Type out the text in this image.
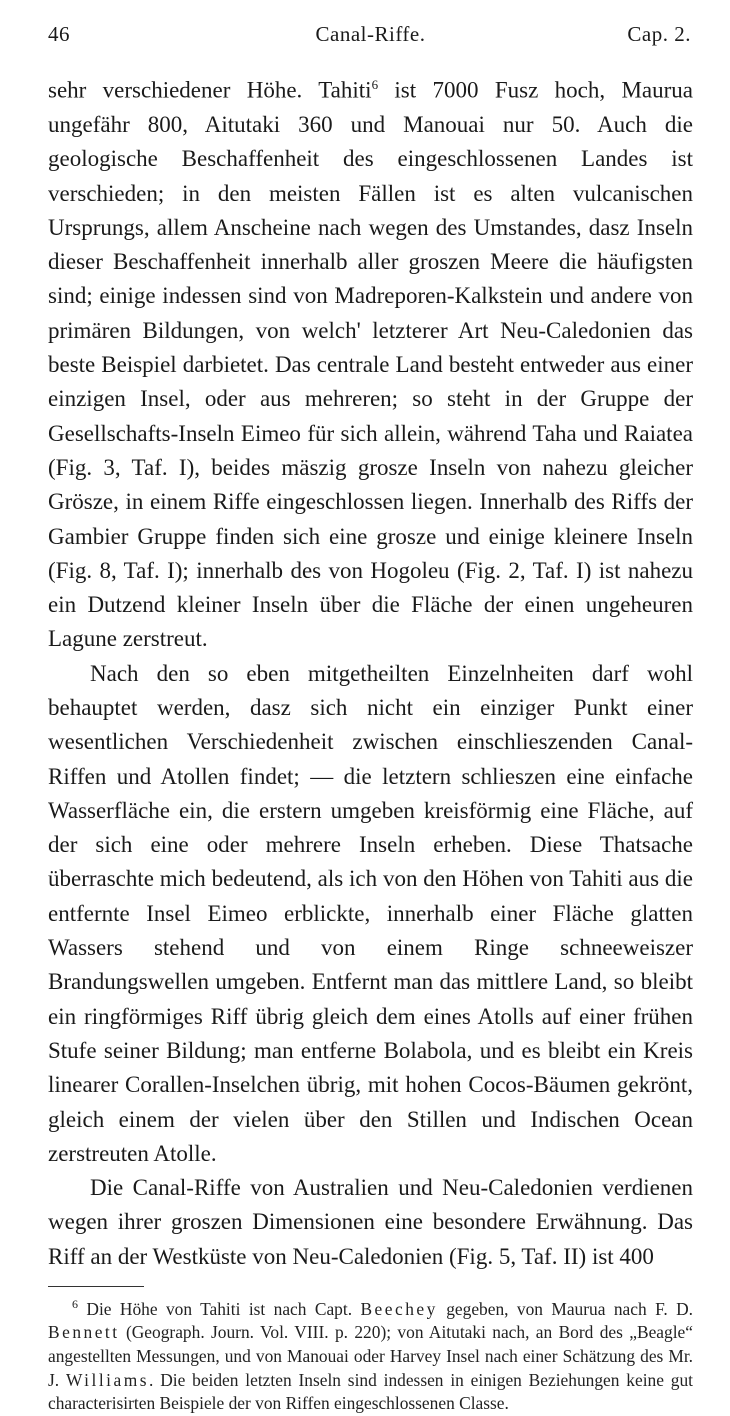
46	Canal-Riffe.	Cap. 2.

sehr verschiedener Höhe. Tahiti$^6$ ist 7000 Fusz hoch, Maurua ungefähr 800, Aitutaki 360 und Manouai nur 50. Auch die geologische Beschaffenheit des eingeschlossenen Landes ist verschieden; in den meisten Fällen ist es alten vulcanischen Ursprungs, allem Anscheine nach wegen des Umstandes, dasz Inseln dieser Beschaffenheit innerhalb aller groszen Meere die häufigsten sind; einige indessen sind von Madreporen-Kalkstein und andere von primären Bildungen, von welch' letzterer Art Neu-Caledonien das beste Beispiel darbietet. Das centrale Land besteht entweder aus einer einzigen Insel, oder aus mehreren; so steht in der Gruppe der Gesellschafts-Inseln Eimeo für sich allein, während Taha und Raiatea (Fig. 3, Taf. I), beides mäszig grosze Inseln von nahezu gleicher Grösze, in einem Riffe eingeschlossen liegen. Innerhalb des Riffs der Gambier Gruppe finden sich eine grosze und einige kleinere Inseln (Fig. 8, Taf. I); innerhalb des von Hogoleu (Fig. 2, Taf. I) ist nahezu ein Dutzend kleiner Inseln über die Fläche der einen ungeheuren Lagune zerstreut.

Nach den so eben mitgetheilten Einzelnheiten darf wohl behauptet werden, dasz sich nicht ein einziger Punkt einer wesentlichen Verschiedenheit zwischen einschlieszenden Canal-Riffen und Atollen findet; — die letztern schlieszen eine einfache Wasserfläche ein, die erstern umgeben kreisförmig eine Fläche, auf der sich eine oder mehrere Inseln erheben. Diese Thatsache überraschte mich bedeutend, als ich von den Höhen von Tahiti aus die entfernte Insel Eimeo erblickte, innerhalb einer Fläche glatten Wassers stehend und von einem Ringe schneeweiszer Brandungswellen umgeben. Entfernt man das mittlere Land, so bleibt ein ringförmiges Riff übrig gleich dem eines Atolls auf einer frühen Stufe seiner Bildung; man entferne Bolabola, und es bleibt ein Kreis linearer Corallen-Inselchen übrig, mit hohen Cocos-Bäumen gekrönt, gleich einem der vielen über den Stillen und Indischen Ocean zerstreuten Atolle.

Die Canal-Riffe von Australien und Neu-Caledonien verdienen wegen ihrer groszen Dimensionen eine besondere Erwähnung. Das Riff an der Westküste von Neu-Caledonien (Fig. 5, Taf. II) ist 400

$^6$ Die Höhe von Tahiti ist nach Capt. Beechey gegeben, von Maurua nach F. D. Bennett (Geograph. Journ. Vol. VIII. p. 220); von Aitutaki nach, an Bord des „Beagle“ angestellten Messungen, und von Manouai oder Harvey Insel nach einer Schätzung des Mr. J. Williams. Die beiden letzten Inseln sind indessen in einigen Beziehungen keine gut characterisirten Beispiele der von Riffen eingeschlossenen Classe.
